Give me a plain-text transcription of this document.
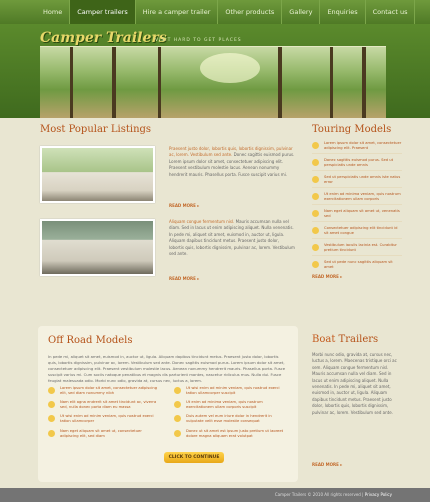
Home	Camper trailers	Hire a camper trailer	Other products	Gallery	Enquiries	Contact us
Camper Trailers
VISIT HARD TO GET PLACES
Most Popular Listings
Praesent justo dolor, lobortis quis, lobortis dignissim, pulvinar ac, lorem. Vestibulum sed ante. Donec sagittis euismod purus. Lorem ipsum dolor sit amet, consectetuer adipiscing elit. Praesent vestibulum molestie lacus. Aenean nonummy hendrerit mauris. Phasellus porta. Fusce suscipit varius mi.
READ MORE ▸
Aliquam congue fermentum nisl. Mauris accumsan nulla vel diam. Sed in lacus ut enim adipiscing aliquet. Nulla venenatis. In pede mi, aliquet sit amet, euismod in, auctor ut, ligula. Aliquam dapibus tincidunt metus. Praesent justo dolor, lobortis quis, lobortis dignissim, pulvinar ac, lorem. Vestibulum sed ante.
READ MORE ▸
Touring Models
Lorem ipsum dolor sit amet, consectetuer adipiscing elit. Praesent
Donec sagittis euismod purus. Sed ut perspiciatis unde omnis
Sed ut perspiciatis unde omnis iste natus error
Ut enim ad minima veniam, quis nostrum exercitationem ullam corporis
Nam eget aliquam sit amet ut, venenatis sed
Consectetuer adipiscing elit tincidunt id sit amet congue
Vestibulum iaculis lacinia est. Curabitur pretium tincidunt
Sed ut pede nunc sagittis aliquam sit amet
READ MORE ▸
Off Road Models
In pede mi, aliquet sit amet, euismod in, auctor ut, ligula. Aliquam dapibus tincidunt metus. Praesent justo dolor, lobortis quis, lobortis dignissim, pulvinar ac, lorem. Vestibulum sed ante. Donec sagittis euismod purus. Lorem ipsum dolor sit amet, consectetuer adipiscing elit. Praesent vestibulum molestie lacus. Aenean nonummy hendrerit mauris. Phasellus porta. Fusce suscipit varius mi. Cum sociis natoque penatibus et magnis dis parturient montes, nascetur ridiculus mus. Nulla dui. Fusce feugiat malesuada odio. Morbi nunc odio, gravida at, cursus nec, luctus a, lorem.
Lorem ipsum dolor sit amet, consectetuer adipiscing elit, sed diam nonummy nibh
Ut wisi enim ad minim veniam, quis nostrud exerci tation ullamcorper suscipit
Nam elit agna endrerit sit amet tincidunt ac, viverra sed, nulla donec porta diam eu massa
Ut enim ad minima veniam, quis nostrum exercitationem ullam corporis suscipit
Ut wisi enim ad minim veniam, quis nostrud exerci tation ullamcorper
Duis autem vel eum iriure dolor in hendrerit in vulputate velit esse molestie consequat
Nam eget aliquam sit amet ut, consectetuer adipiscing elit, sed diam
Donec ut sit amet est ipsum justo pretium ut laoreet dolore magna aliquam erat volutpat
CLICK TO CONTINUE
Boat Trailers
Morbi nunc odio, gravida at, cursus nec, luctus a, lorem. Maecenas tristique orci ac sem. Aliquam congue fermentum nisl. Mauris accumsan nulla vel diam. Sed in lacus ut enim adipiscing aliquet. Nulla venenatis. In pede mi, aliquet sit amet, euismod in, auctor ut, ligula. Aliquam dapibus tincidunt metus. Praesent justo dolor, lobortis quis, lobortis dignissim, pulvinar ac, lorem. Vestibulum sed ante.
READ MORE ▸
Camper Trailers © 2010 All rights reserved | Privacy Policy
